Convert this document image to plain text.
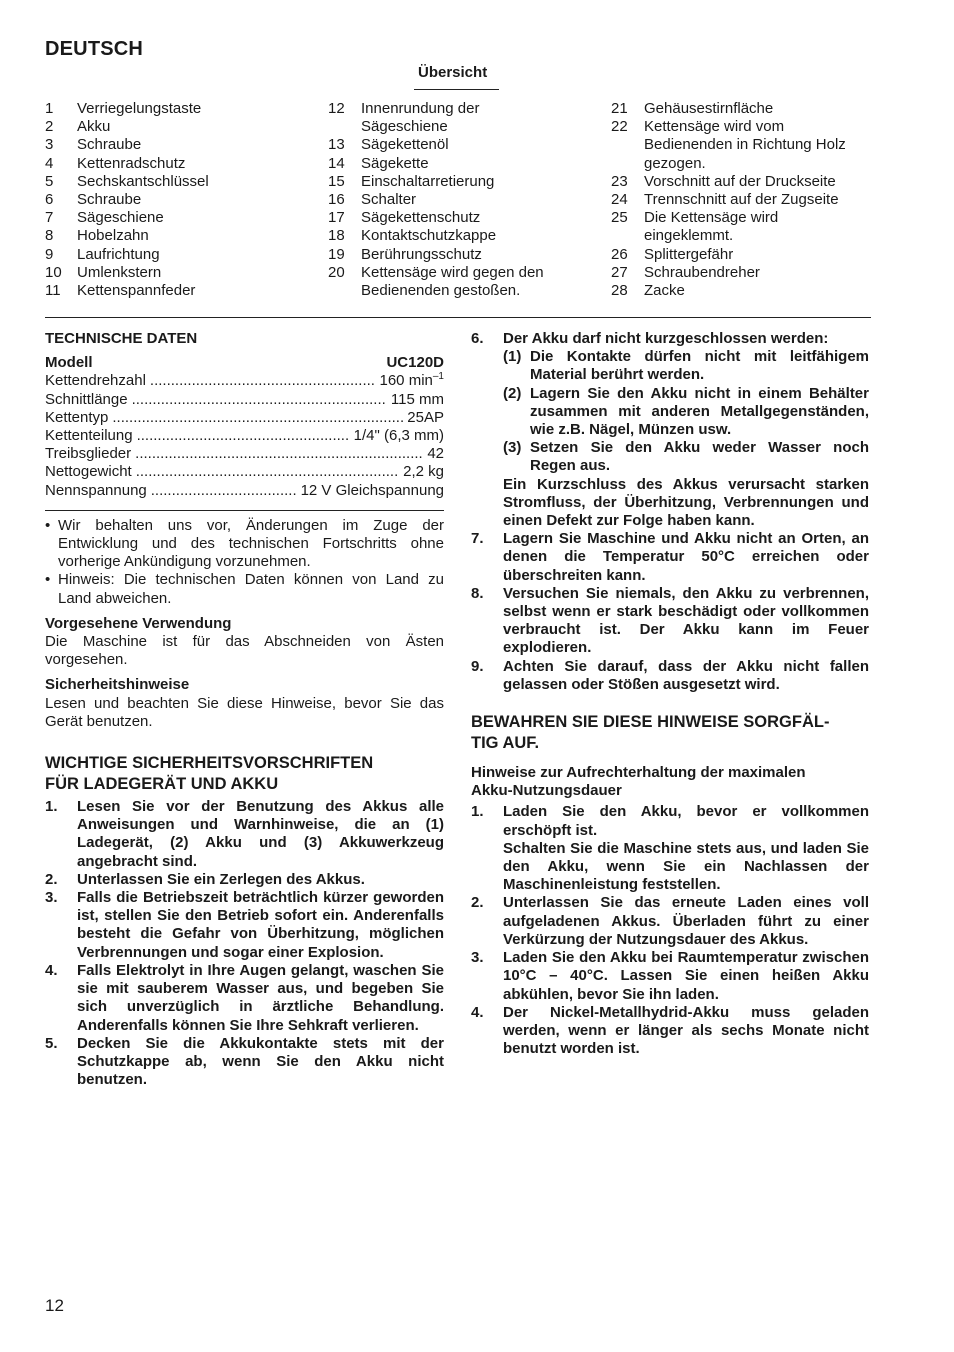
DEUTSCH
Übersicht
1	Verriegelungstaste
2	Akku
3	Schraube
4	Kettenradschutz
5	Sechskantschlüssel
6	Schraube
7	Sägeschiene
8	Hobelzahn
9	Laufrichtung
10	Umlenkstern
11	Kettenspannfeder
12	Innenrundung der Sägeschiene
13	Sägekettenöl
14	Sägekette
15	Einschaltarretierung
16	Schalter
17	Sägekettenschutz
18	Kontaktschutzkappe
19	Berührungsschutz
20	Kettensäge wird gegen den Bedienenden gestoßen.
21	Gehäusestirnfläche
22	Kettensäge wird vom Bedienenden in Richtung Holz gezogen.
23	Vorschnitt auf der Druckseite
24	Trennschnitt auf der Zugseite
25	Die Kettensäge wird eingeklemmt.
26	Splittergefähr
27	Schraubendreher
28	Zacke
TECHNISCHE DATEN
Modell	UC120D
Kettendrehzahl .....	160 $\min^{-1}$
Schnittlänge .....	115 mm
Kettentyp .....	25AP
Kettenteilung .....	1/4" (6,3 mm)
Treibsglieder .....	42
Nettogewicht .....	2,2 kg
Nennspannung .....	12 V Gleichspannung
• Wir behalten uns vor, Änderungen im Zuge der Entwicklung und des technischen Fortschritts ohne vorherige Ankündigung vorzunehmen.
• Hinweis: Die technischen Daten können von Land zu Land abweichen.
Vorgesehene Verwendung
Die Maschine ist für das Abschneiden von Ästen vorgesehen.
Sicherheitshinweise
Lesen und beachten Sie diese Hinweise, bevor Sie das Gerät benutzen.
WICHTIGE SICHERHEITSVORSCHRIFTEN
FÜR LADEGERÄT UND AKKU
1.	Lesen Sie vor der Benutzung des Akkus alle Anweisungen und Warnhinweise, die an (1) Ladegerät, (2) Akku und (3) Akkuwerkzeug angebracht sind.
2.	Unterlassen Sie ein Zerlegen des Akkus.
3.	Falls die Betriebszeit beträchtlich kürzer geworden ist, stellen Sie den Betrieb sofort ein. Anderenfalls besteht die Gefahr von Überhitzung, möglichen Verbrennungen und sogar einer Explosion.
4.	Falls Elektrolyt in Ihre Augen gelangt, waschen Sie sie mit sauberem Wasser aus, und begeben Sie sich unverzüglich in ärztliche Behandlung. Anderenfalls können Sie Ihre Sehkraft verlieren.
5.	Decken Sie die Akkukontakte stets mit der Schutzkappe ab, wenn Sie den Akku nicht benutzen.
6.	Der Akku darf nicht kurzgeschlossen werden:
(1) Die Kontakte dürfen nicht mit leitfähigem Material berührt werden.
(2) Lagern Sie den Akku nicht in einem Behälter zusammen mit anderen Metallgegenständen, wie z.B. Nägel, Münzen usw.
(3) Setzen Sie den Akku weder Wasser noch Regen aus.
Ein Kurzschluss des Akkus verursacht starken Stromfluss, der Überhitzung, Verbrennungen und einen Defekt zur Folge haben kann.
7.	Lagern Sie Maschine und Akku nicht an Orten, an denen die Temperatur 50°C erreichen oder überschreiten kann.
8.	Versuchen Sie niemals, den Akku zu verbrennen, selbst wenn er stark beschädigt oder vollkommen verbraucht ist. Der Akku kann im Feuer explodieren.
9.	Achten Sie darauf, dass der Akku nicht fallen gelassen oder Stößen ausgesetzt wird.
BEWAHREN SIE DIESE HINWEISE SORGFÄL-
TIG AUF.
Hinweise zur Aufrechterhaltung der maximalen
Akku-Nutzungsdauer
1.	Laden Sie den Akku, bevor er vollkommen erschöpft ist.
Schalten Sie die Maschine stets aus, und laden Sie den Akku, wenn Sie ein Nachlassen der Maschinenleistung feststellen.
2.	Unterlassen Sie das erneute Laden eines voll aufgeladenen Akkus. Überladen führt zu einer Verkürzung der Nutzungsdauer des Akkus.
3.	Laden Sie den Akku bei Raumtemperatur zwischen 10°C – 40°C. Lassen Sie einen heißen Akku abkühlen, bevor Sie ihn laden.
4.	Der Nickel-Metallhydrid-Akku muss geladen werden, wenn er länger als sechs Monate nicht benutzt worden ist.
12
